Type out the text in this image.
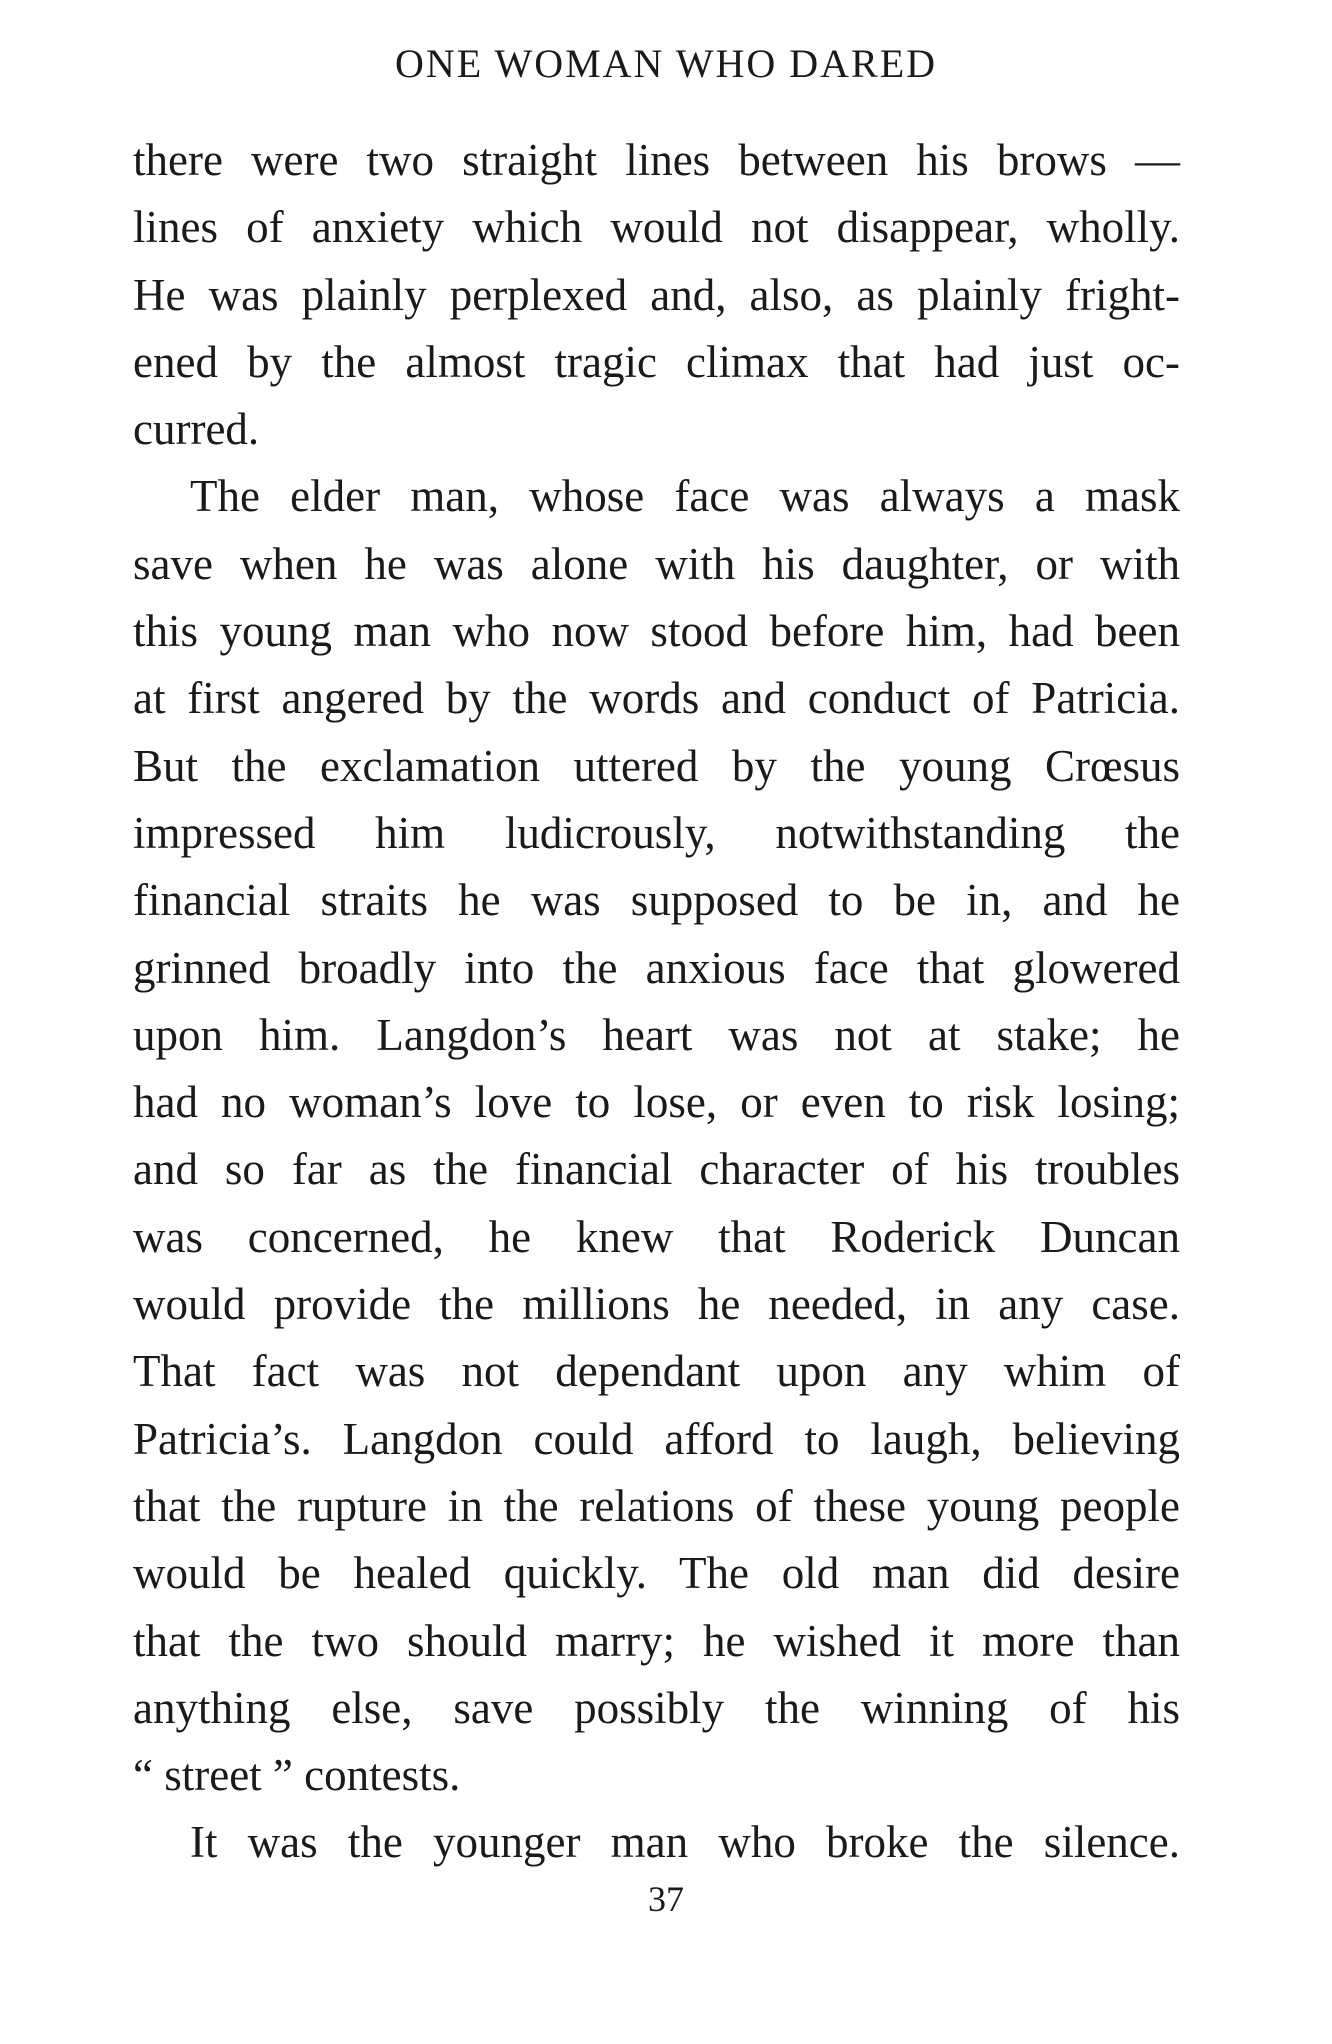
ONE WOMAN WHO DARED
there were two straight lines between his brows —
lines of anxiety which would not disappear, wholly.
He was plainly perplexed and, also, as plainly fright-
ened by the almost tragic climax that had just oc-
curred.
The elder man, whose face was always a mask
save when he was alone with his daughter, or with
this young man who now stood before him, had been
at first angered by the words and conduct of Patricia.
But the exclamation uttered by the young Crœsus
impressed him ludicrously, notwithstanding the
financial straits he was supposed to be in, and he
grinned broadly into the anxious face that glowered
upon him. Langdon’s heart was not at stake; he
had no woman’s love to lose, or even to risk losing;
and so far as the financial character of his troubles
was concerned, he knew that Roderick Duncan
would provide the millions he needed, in any case.
That fact was not dependant upon any whim of
Patricia’s. Langdon could afford to laugh, believing
that the rupture in the relations of these young people
would be healed quickly. The old man did desire
that the two should marry; he wished it more than
anything else, save possibly the winning of his
“ street ” contests.
It was the younger man who broke the silence.
37
